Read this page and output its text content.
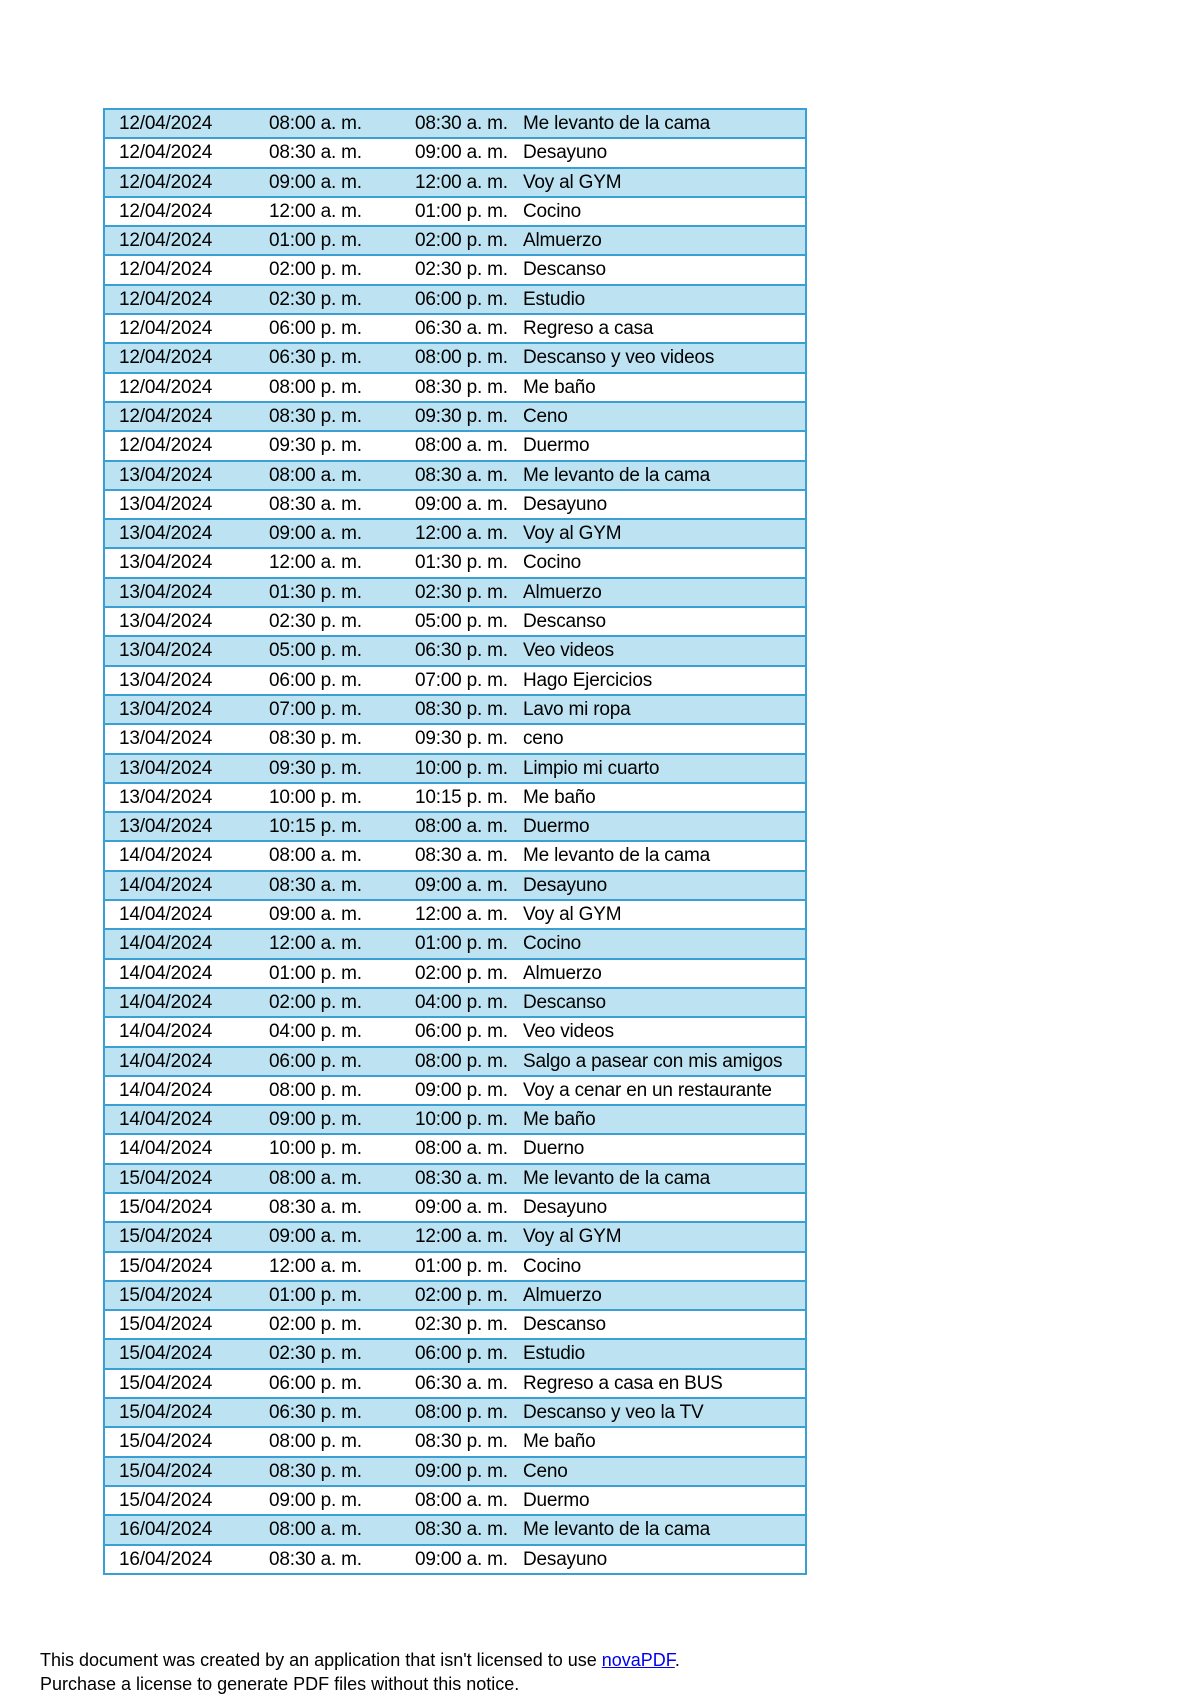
12/04/2024	08:00 a. m.	08:30 a. m.	Me levanto de la cama
12/04/2024	08:30 a. m.	09:00 a. m.	Desayuno
12/04/2024	09:00 a. m.	12:00 a. m.	Voy al GYM
12/04/2024	12:00 a. m.	01:00 p. m.	Cocino
12/04/2024	01:00 p. m.	02:00 p. m.	Almuerzo
12/04/2024	02:00 p. m.	02:30 p. m.	Descanso
12/04/2024	02:30 p. m.	06:00 p. m.	Estudio
12/04/2024	06:00 p. m.	06:30 a. m.	Regreso a casa
12/04/2024	06:30 p. m.	08:00 p. m.	Descanso y veo videos
12/04/2024	08:00 p. m.	08:30 p. m.	Me baño
12/04/2024	08:30 p. m.	09:30 p. m.	Ceno
12/04/2024	09:30 p. m.	08:00 a. m.	Duermo
13/04/2024	08:00 a. m.	08:30 a. m.	Me levanto de la cama
13/04/2024	08:30 a. m.	09:00 a. m.	Desayuno
13/04/2024	09:00 a. m.	12:00 a. m.	Voy al GYM
13/04/2024	12:00 a. m.	01:30 p. m.	Cocino
13/04/2024	01:30 p. m.	02:30 p. m.	Almuerzo
13/04/2024	02:30 p. m.	05:00 p. m.	Descanso
13/04/2024	05:00 p. m.	06:30 p. m.	Veo videos
13/04/2024	06:00 p. m.	07:00 p. m.	Hago Ejercicios
13/04/2024	07:00 p. m.	08:30 p. m.	Lavo mi ropa
13/04/2024	08:30 p. m.	09:30 p. m.	ceno
13/04/2024	09:30 p. m.	10:00 p. m.	Limpio mi cuarto
13/04/2024	10:00 p. m.	10:15 p. m.	Me baño
13/04/2024	10:15 p. m.	08:00 a. m.	Duermo
14/04/2024	08:00 a. m.	08:30 a. m.	Me levanto de la cama
14/04/2024	08:30 a. m.	09:00 a. m.	Desayuno
14/04/2024	09:00 a. m.	12:00 a. m.	Voy al GYM
14/04/2024	12:00 a. m.	01:00 p. m.	Cocino
14/04/2024	01:00 p. m.	02:00 p. m.	Almuerzo
14/04/2024	02:00 p. m.	04:00 p. m.	Descanso
14/04/2024	04:00 p. m.	06:00 p. m.	Veo videos
14/04/2024	06:00 p. m.	08:00 p. m.	Salgo a pasear con mis amigos
14/04/2024	08:00 p. m.	09:00 p. m.	Voy a cenar en un restaurante
14/04/2024	09:00 p. m.	10:00 p. m.	Me baño
14/04/2024	10:00 p. m.	08:00 a. m.	Duerno
15/04/2024	08:00 a. m.	08:30 a. m.	Me levanto de la cama
15/04/2024	08:30 a. m.	09:00 a. m.	Desayuno
15/04/2024	09:00 a. m.	12:00 a. m.	Voy al GYM
15/04/2024	12:00 a. m.	01:00 p. m.	Cocino
15/04/2024	01:00 p. m.	02:00 p. m.	Almuerzo
15/04/2024	02:00 p. m.	02:30 p. m.	Descanso
15/04/2024	02:30 p. m.	06:00 p. m.	Estudio
15/04/2024	06:00 p. m.	06:30 a. m.	Regreso a casa en BUS
15/04/2024	06:30 p. m.	08:00 p. m.	Descanso y veo la TV
15/04/2024	08:00 p. m.	08:30 p. m.	Me baño
15/04/2024	08:30 p. m.	09:00 p. m.	Ceno
15/04/2024	09:00 p. m.	08:00 a. m.	Duermo
16/04/2024	08:00 a. m.	08:30 a. m.	Me levanto de la cama
16/04/2024	08:30 a. m.	09:00 a. m.	Desayuno
This document was created by an application that isn't licensed to use novaPDF.
Purchase a license to generate PDF files without this notice.
